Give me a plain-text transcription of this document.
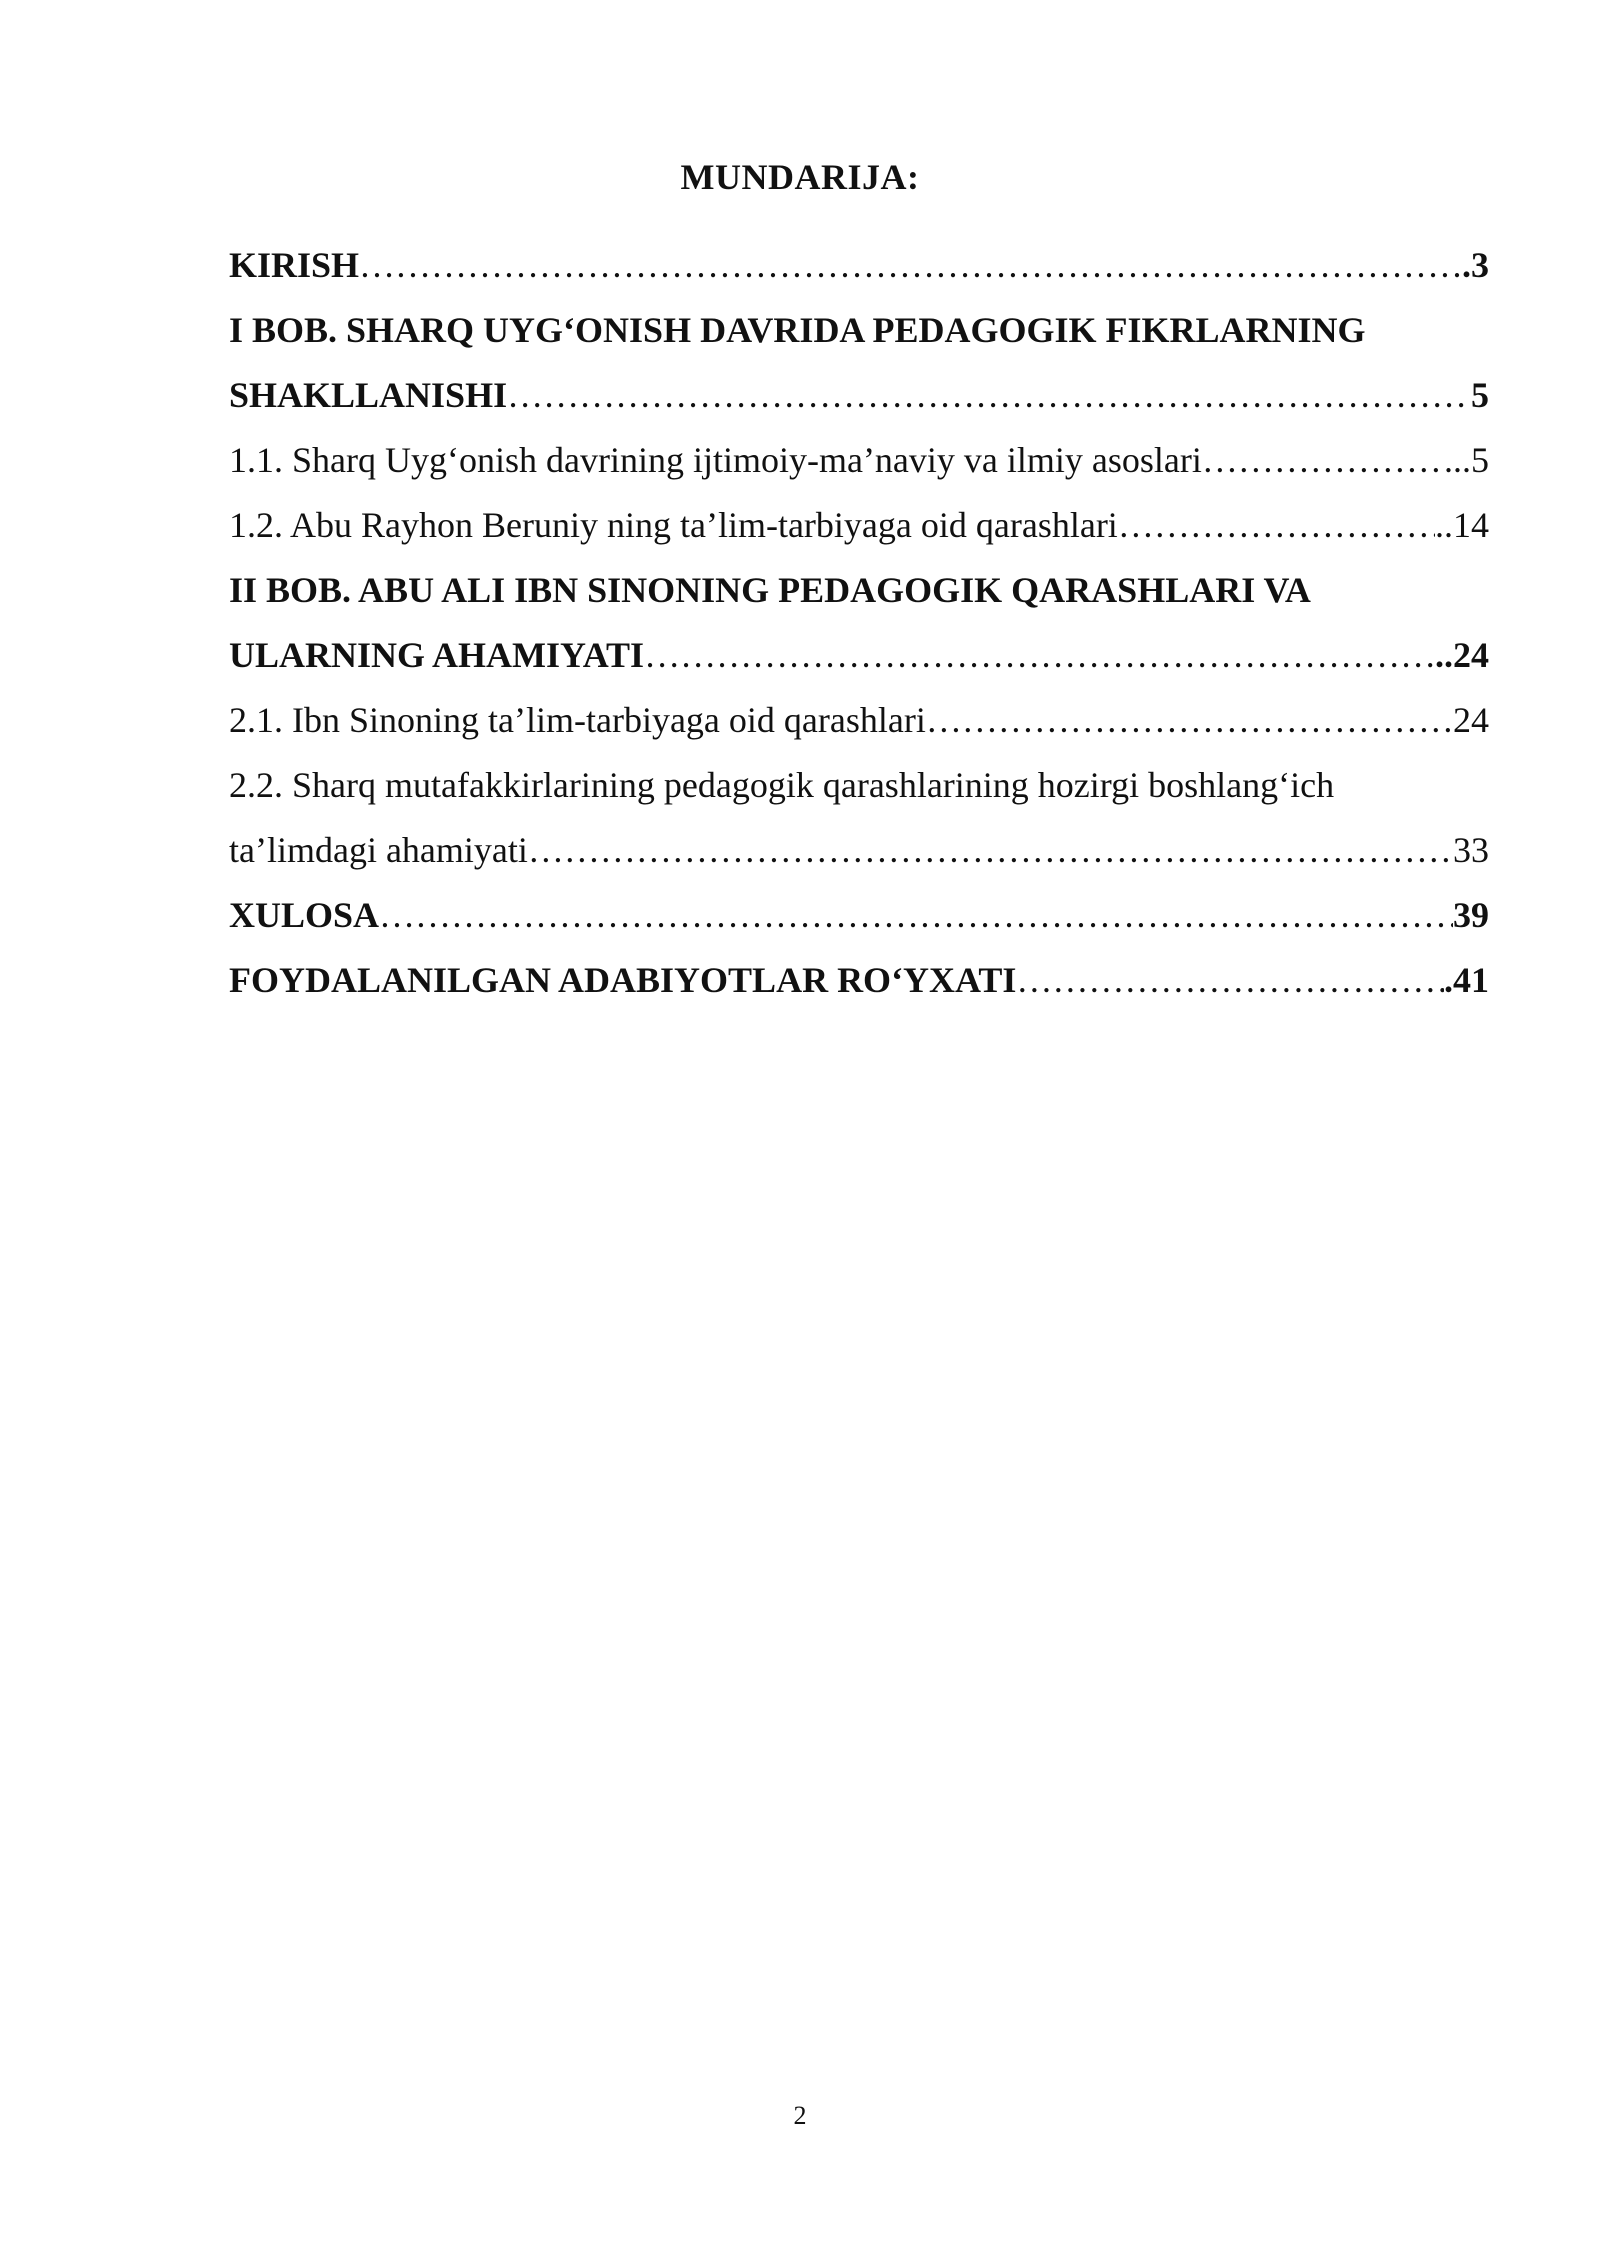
MUNDARIJA:
KIRISH ……………………………………………………………………………………………………………………………………………………………………………………………………………………	.3
I BOB. SHARQ UYG‘ONISH DAVRIDA PEDAGOGIK FIKRLARNING
SHAKLLANISHI ……………………………………………………………………………………………………………………………………………………………………………………………………………………	5
1.1. Sharq Uyg‘onish davrining ijtimoiy-ma’naviy va ilmiy asoslari ……………………………………………………………………………………………………………………………………………………………………………………………………………………	...5
1.2. Abu Rayhon Beruniy ning ta’lim-tarbiyaga oid qarashlari ……………………………………………………………………………………………………………………………………………………………………………………………………………………	..14
II BOB. ABU ALI IBN SINONING PEDAGOGIK QARASHLARI VA
ULARNING AHAMIYATI ……………………………………………………………………………………………………………………………………………………………………………………………………………………	..24
2.1. Ibn Sinoning ta’lim-tarbiyaga oid qarashlari ……………………………………………………………………………………………………………………………………………………………………………………………………………………	24
2.2. Sharq mutafakkirlarining pedagogik qarashlarining hozirgi boshlang‘ich
ta’limdagi ahamiyati ……………………………………………………………………………………………………………………………………………………………………………………………………………………	33
XULOSA ……………………………………………………………………………………………………………………………………………………………………………………………………………………	39
FOYDALANILGAN ADABIYOTLAR RO‘YXATI ……………………………………………………………………………………………………………………………………………………………………………………………………………………	.41
2
